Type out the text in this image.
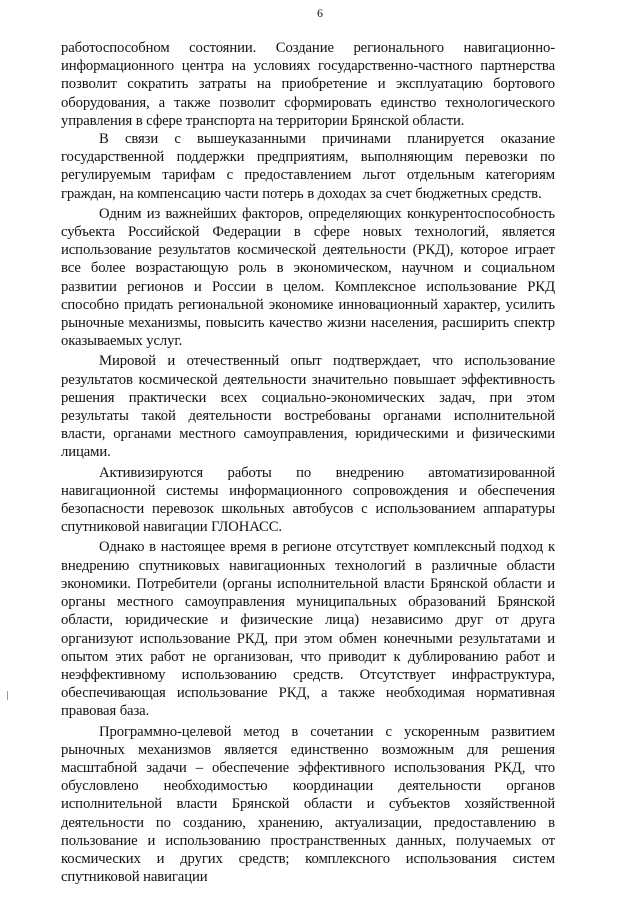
6

работоспособном состоянии. Создание регионального навигационно-информационного центра на условиях государственно-частного партнерства позволит сократить затраты на приобретение и эксплуатацию бортового оборудования, а также позволит сформировать единство технологического управления в сфере транспорта на территории Брянской области.

В связи с вышеуказанными причинами планируется оказание государственной поддержки предприятиям, выполняющим перевозки по регулируемым тарифам с предоставлением льгот отдельным категориям граждан, на компенсацию части потерь в доходах за счет бюджетных средств.

Одним из важнейших факторов, определяющих конкурентоспособность субъекта Российской Федерации в сфере новых технологий, является использование результатов космической деятельности (РКД), которое играет все более возрастающую роль в экономическом, научном и социальном развитии регионов и России в целом. Комплексное использование РКД способно придать региональной экономике инновационный характер, усилить рыночные механизмы, повысить качество жизни населения, расширить спектр оказываемых услуг.

Мировой и отечественный опыт подтверждает, что использование результатов космической деятельности значительно повышает эффективность решения практически всех социально-экономических задач, при этом результаты такой деятельности востребованы органами исполнительной власти, органами местного самоуправления, юридическими и физическими лицами.

Активизируются работы по внедрению автоматизированной навигационной системы информационного сопровождения и обеспечения безопасности перевозок школьных автобусов с использованием аппаратуры спутниковой навигации ГЛОНАСС.

Однако в настоящее время в регионе отсутствует комплексный подход к внедрению спутниковых навигационных технологий в различные области экономики. Потребители (органы исполнительной власти Брянской области и органы местного самоуправления муниципальных образований Брянской области, юридические и физические лица) независимо друг от друга организуют использование РКД, при этом обмен конечными результатами и опытом этих работ не организован, что приводит к дублированию работ и неэффективному использованию средств. Отсутствует инфраструктура, обеспечивающая использование РКД, а также необходимая нормативная правовая база.

Программно-целевой метод в сочетании с ускоренным развитием рыночных механизмов является единственно возможным для решения масштабной задачи – обеспечение эффективного использования РКД, что обусловлено необходимостью координации деятельности органов исполнительной власти Брянской области и субъектов хозяйственной деятельности по созданию, хранению, актуализации, предоставлению в пользование и использованию пространственных данных, получаемых от космических и других средств; комплексного использования систем спутниковой навигации
